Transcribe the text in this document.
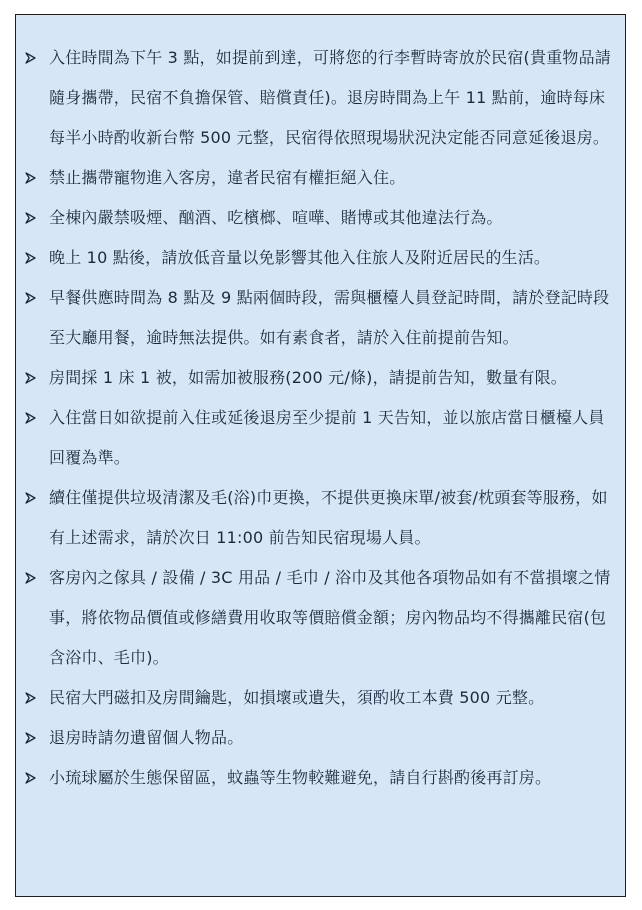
入住時間為下午 3 點，如提前到達，可將您的行李暫時寄放於民宿(貴重物品請隨身攜帶，民宿不負擔保管、賠償責任)。退房時間為上午 11 點前，逾時每床每半小時酌收新台幣 500 元整，民宿得依照現場狀況決定能否同意延後退房。
禁止攜帶寵物進入客房，違者民宿有權拒絕入住。
全棟內嚴禁吸煙、酗酒、吃檳榔、喧嘩、賭博或其他違法行為。
晚上 10 點後，請放低音量以免影響其他入住旅人及附近居民的生活。
早餐供應時間為 8 點及 9 點兩個時段，需與櫃檯人員登記時間，請於登記時段至大廳用餐，逾時無法提供。如有素食者，請於入住前提前告知。
房間採 1 床 1 被，如需加被服務(200 元/條)，請提前告知，數量有限。
入住當日如欲提前入住或延後退房至少提前 1 天告知，並以旅店當日櫃檯人員回覆為準。
續住僅提供垃圾清潔及毛(浴)巾更換，不提供更換床單/被套/枕頭套等服務，如有上述需求，請於次日 11:00 前告知民宿現場人員。
客房內之傢具 / 設備 / 3C 用品 / 毛巾 / 浴巾及其他各項物品如有不當損壞之情事，將依物品價值或修繕費用收取等價賠償金額；房內物品均不得攜離民宿(包含浴巾、毛巾)。
民宿大門磁扣及房間鑰匙，如損壞或遺失，須酌收工本費 500 元整。
退房時請勿遺留個人物品。
小琉球屬於生態保留區，蚊蟲等生物較難避免，請自行斟酌後再訂房。
